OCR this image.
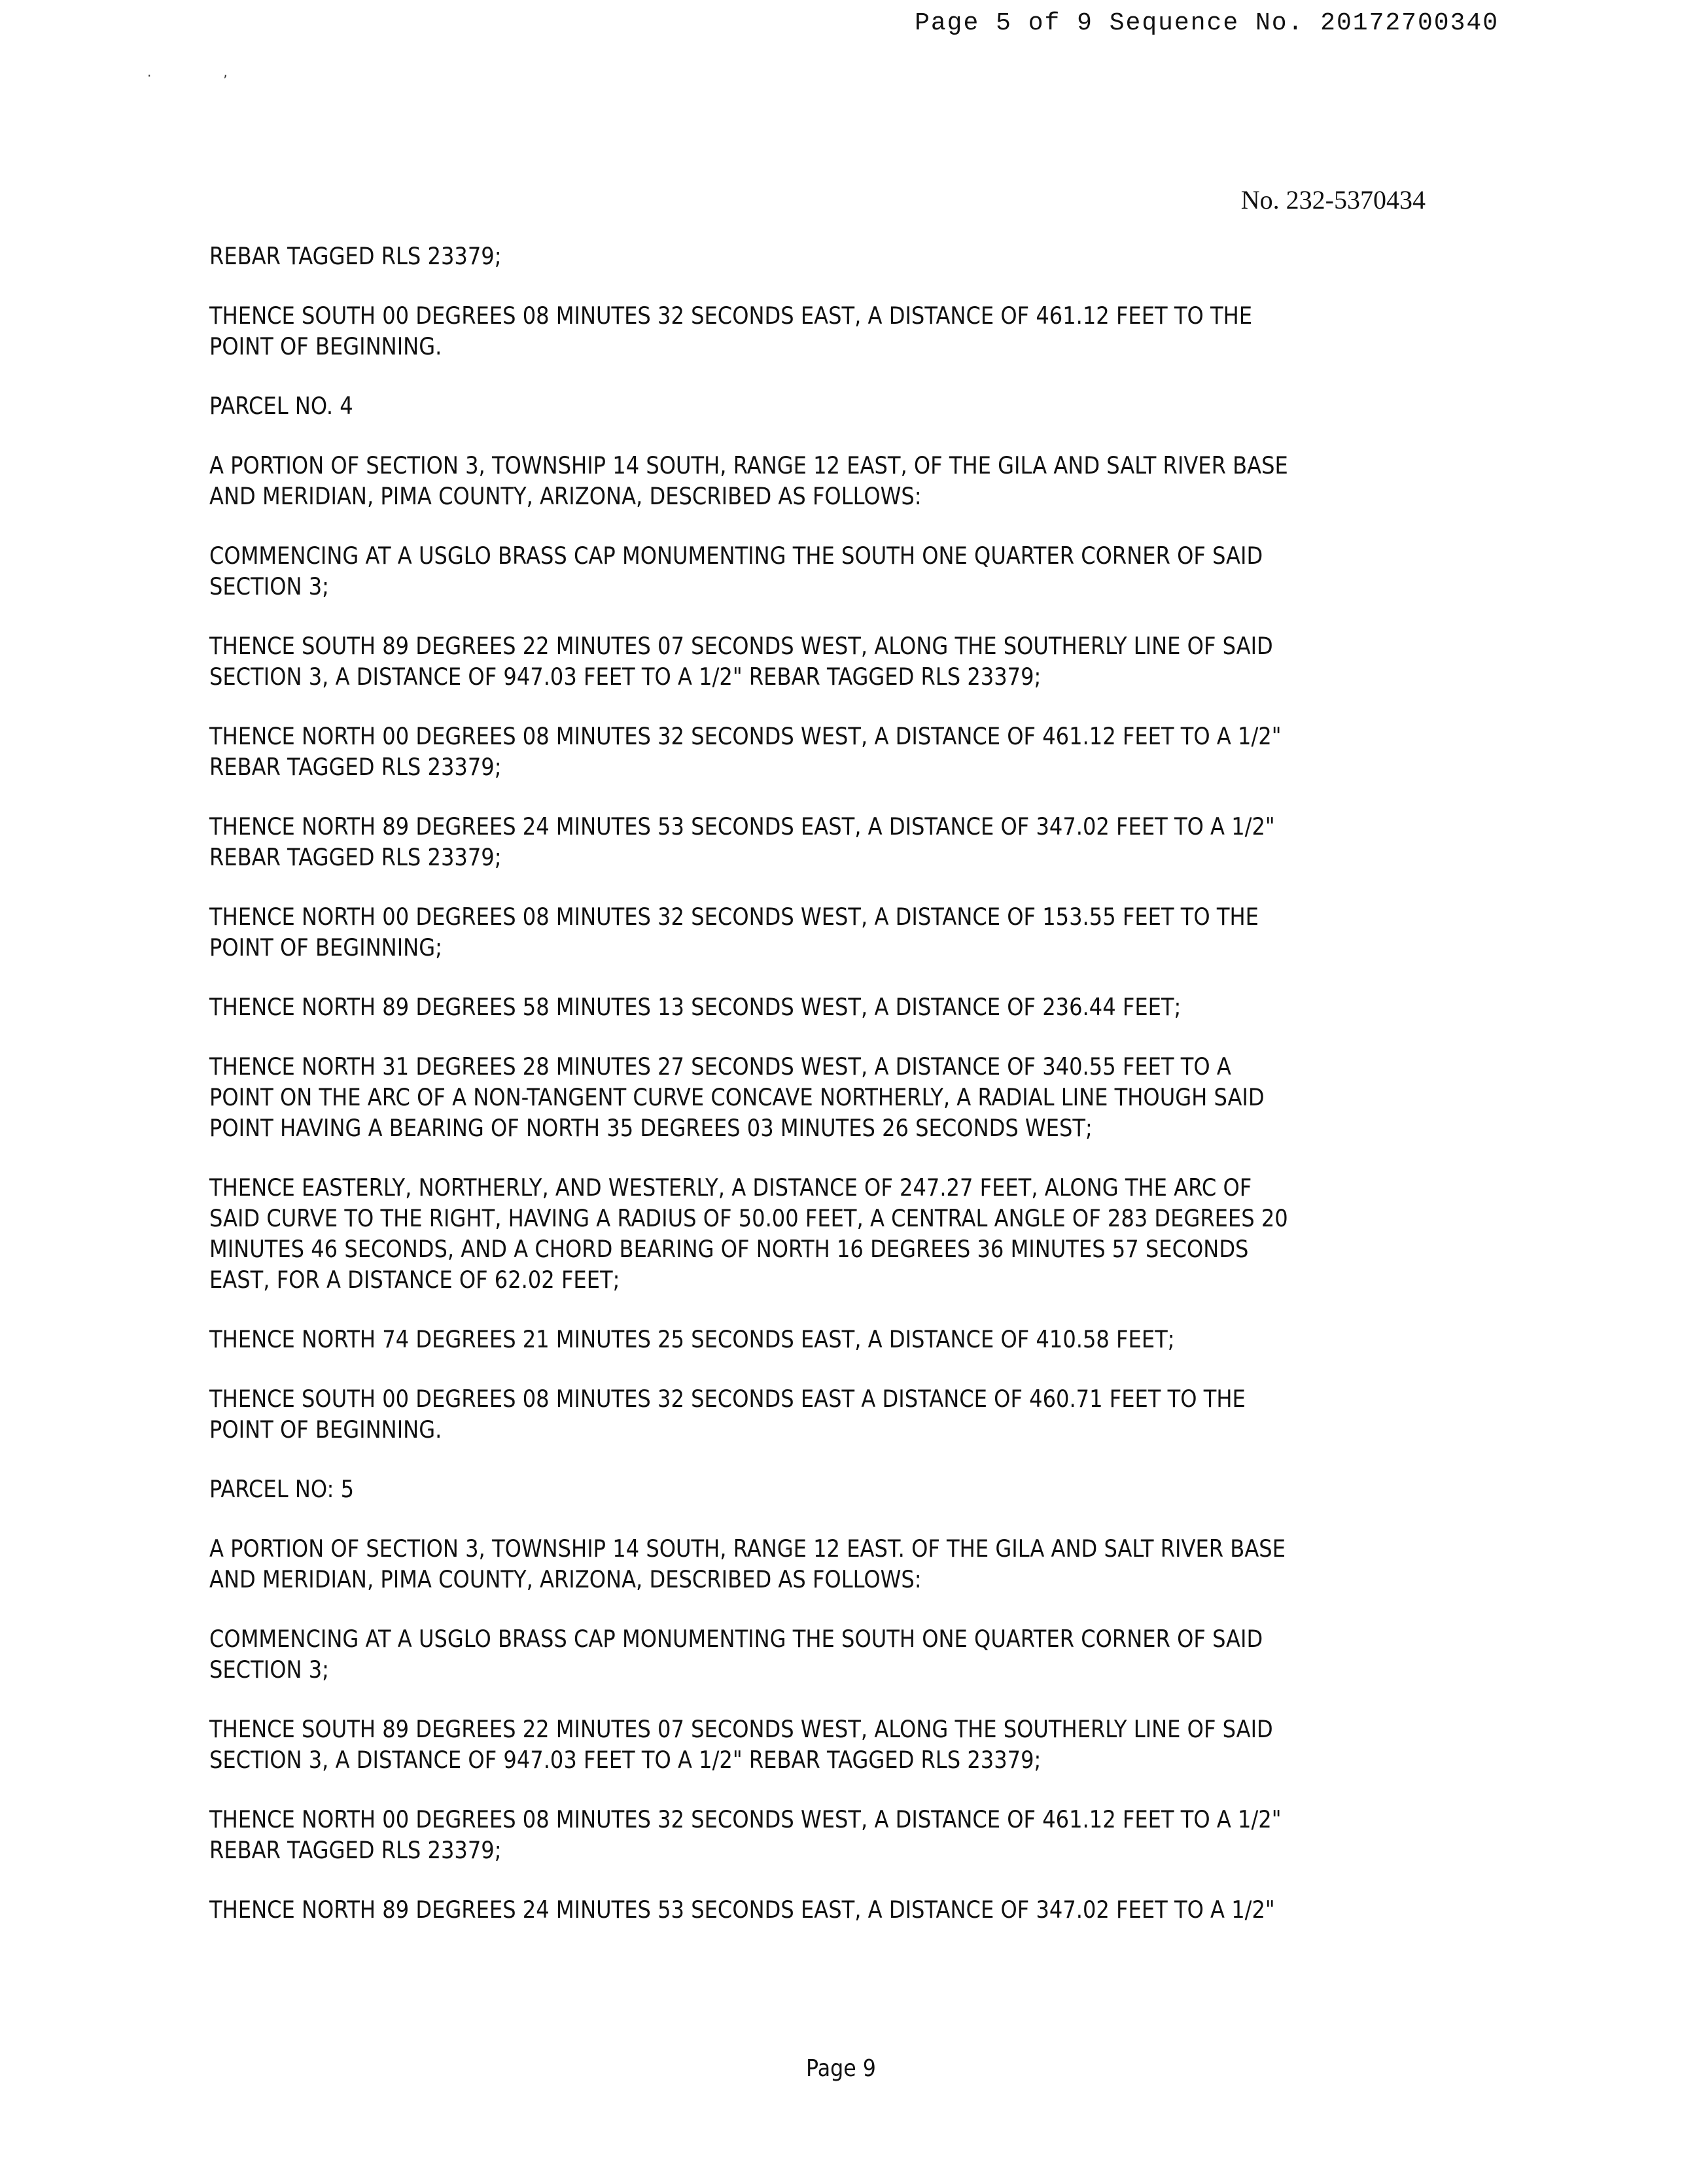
Page 5 of 9 Sequence No. 20172700340
.	,
No. 232-5370434

REBAR TAGGED RLS 23379;

THENCE SOUTH 00 DEGREES 08 MINUTES 32 SECONDS EAST, A DISTANCE OF 461.12 FEET TO THE POINT OF BEGINNING.

PARCEL NO. 4

A PORTION OF SECTION 3, TOWNSHIP 14 SOUTH, RANGE 12 EAST, OF THE GILA AND SALT RIVER BASE AND MERIDIAN, PIMA COUNTY, ARIZONA, DESCRIBED AS FOLLOWS:

COMMENCING AT A USGLO BRASS CAP MONUMENTING THE SOUTH ONE QUARTER CORNER OF SAID SECTION 3;

THENCE SOUTH 89 DEGREES 22 MINUTES 07 SECONDS WEST, ALONG THE SOUTHERLY LINE OF SAID SECTION 3, A DISTANCE OF 947.03 FEET TO A 1/2" REBAR TAGGED RLS 23379;

THENCE NORTH 00 DEGREES 08 MINUTES 32 SECONDS WEST, A DISTANCE OF 461.12 FEET TO A 1/2" REBAR TAGGED RLS 23379;

THENCE NORTH 89 DEGREES 24 MINUTES 53 SECONDS EAST, A DISTANCE OF 347.02 FEET TO A 1/2" REBAR TAGGED RLS 23379;

THENCE NORTH 00 DEGREES 08 MINUTES 32 SECONDS WEST, A DISTANCE OF 153.55 FEET TO THE POINT OF BEGINNING;

THENCE NORTH 89 DEGREES 58 MINUTES 13 SECONDS WEST, A DISTANCE OF 236.44 FEET;

THENCE NORTH 31 DEGREES 28 MINUTES 27 SECONDS WEST, A DISTANCE OF 340.55 FEET TO A POINT ON THE ARC OF A NON-TANGENT CURVE CONCAVE NORTHERLY, A RADIAL LINE THOUGH SAID POINT HAVING A BEARING OF NORTH 35 DEGREES 03 MINUTES 26 SECONDS WEST;

THENCE EASTERLY, NORTHERLY, AND WESTERLY, A DISTANCE OF 247.27 FEET, ALONG THE ARC OF SAID CURVE TO THE RIGHT, HAVING A RADIUS OF 50.00 FEET, A CENTRAL ANGLE OF 283 DEGREES 20 MINUTES 46 SECONDS, AND A CHORD BEARING OF NORTH 16 DEGREES 36 MINUTES 57 SECONDS EAST, FOR A DISTANCE OF 62.02 FEET;

THENCE NORTH 74 DEGREES 21 MINUTES 25 SECONDS EAST, A DISTANCE OF 410.58 FEET;

THENCE SOUTH 00 DEGREES 08 MINUTES 32 SECONDS EAST A DISTANCE OF 460.71 FEET TO THE POINT OF BEGINNING.

PARCEL NO: 5

A PORTION OF SECTION 3, TOWNSHIP 14 SOUTH, RANGE 12 EAST. OF THE GILA AND SALT RIVER BASE AND MERIDIAN, PIMA COUNTY, ARIZONA, DESCRIBED AS FOLLOWS:

COMMENCING AT A USGLO BRASS CAP MONUMENTING THE SOUTH ONE QUARTER CORNER OF SAID SECTION 3;

THENCE SOUTH 89 DEGREES 22 MINUTES 07 SECONDS WEST, ALONG THE SOUTHERLY LINE OF SAID SECTION 3, A DISTANCE OF 947.03 FEET TO A 1/2" REBAR TAGGED RLS 23379;

THENCE NORTH 00 DEGREES 08 MINUTES 32 SECONDS WEST, A DISTANCE OF 461.12 FEET TO A 1/2" REBAR TAGGED RLS 23379;

THENCE NORTH 89 DEGREES 24 MINUTES 53 SECONDS EAST, A DISTANCE OF 347.02 FEET TO A 1/2"

Page 9
